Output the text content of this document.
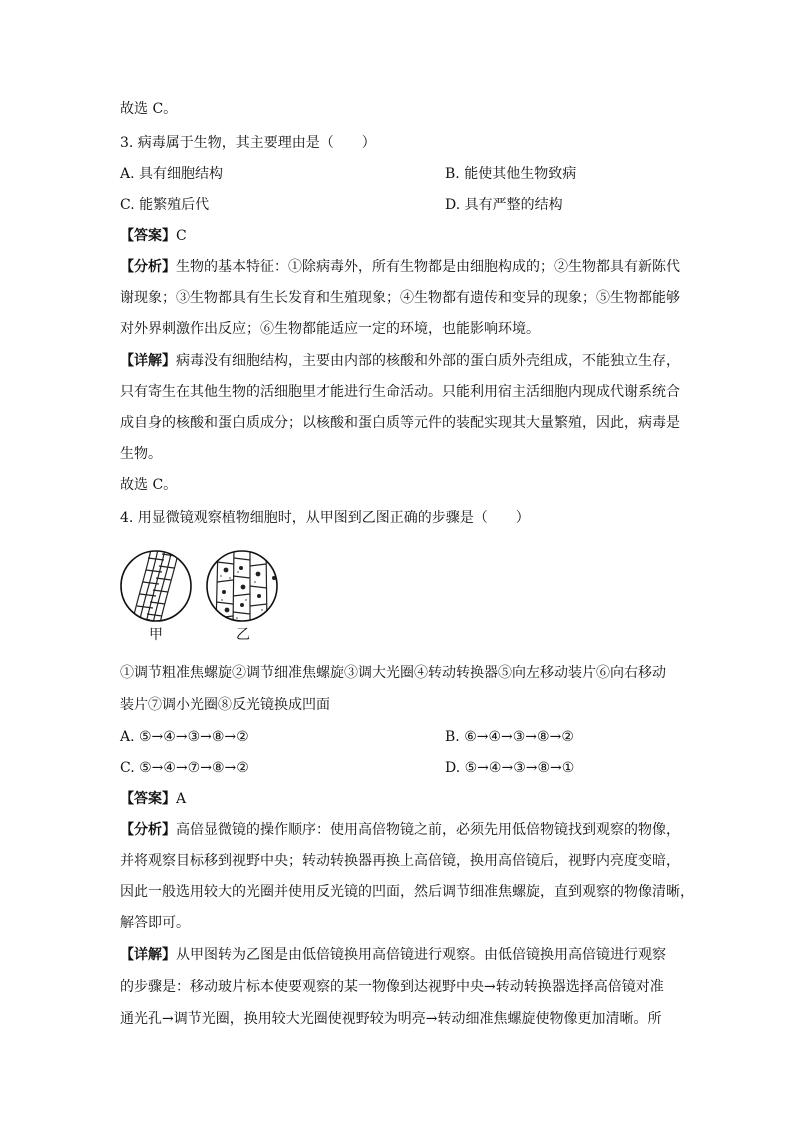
故选 C。
3. 病毒属于生物，其主要理由是（　　）
A. 具有细胞结构	B. 能使其他生物致病
C. 能繁殖后代	D. 具有严整的结构
【答案】C
【分析】生物的基本特征：①除病毒外，所有生物都是由细胞构成的；②生物都具有新陈代
谢现象；③生物都具有生长发育和生殖现象；④生物都有遗传和变异的现象；⑤生物都能够
对外界刺激作出反应；⑥生物都能适应一定的环境，也能影响环境。
【详解】病毒没有细胞结构，主要由内部的核酸和外部的蛋白质外壳组成，不能独立生存，
只有寄生在其他生物的活细胞里才能进行生命活动。只能利用宿主活细胞内现成代谢系统合
成自身的核酸和蛋白质成分；以核酸和蛋白质等元件的装配实现其大量繁殖，因此，病毒是
生物。
故选 C。
4. 用显微镜观察植物细胞时，从甲图到乙图正确的步骤是（　　）
甲	乙
①调节粗准焦螺旋②调节细准焦螺旋③调大光圈④转动转换器⑤向左移动装片⑥向右移动
装片⑦调小光圈⑧反光镜换成凹面
A. ⑤→④→③→⑧→②	B. ⑥→④→③→⑧→②
C. ⑤→④→⑦→⑧→②	D. ⑤→④→③→⑧→①
【答案】A
【分析】高倍显微镜的操作顺序：使用高倍物镜之前，必须先用低倍物镜找到观察的物像，
并将观察目标移到视野中央；转动转换器再换上高倍镜，换用高倍镜后，视野内亮度变暗，
因此一般选用较大的光圈并使用反光镜的凹面，然后调节细准焦螺旋，直到观察的物像清晰，
解答即可。
【详解】从甲图转为乙图是由低倍镜换用高倍镜进行观察。由低倍镜换用高倍镜进行观察
的步骤是：移动玻片标本使要观察的某一物像到达视野中央→转动转换器选择高倍镜对准
通光孔→调节光圈，换用较大光圈使视野较为明亮→转动细准焦螺旋使物像更加清晰。所
